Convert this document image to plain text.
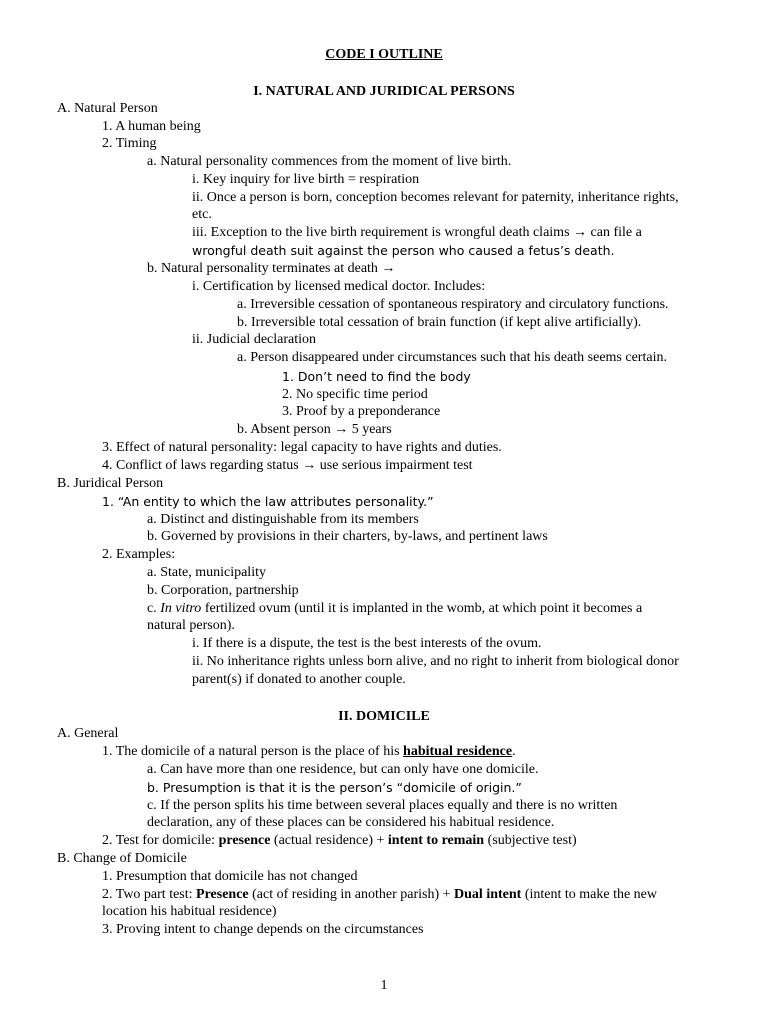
CODE I OUTLINE
I. NATURAL AND JURIDICAL PERSONS
A. Natural Person
1. A human being
2. Timing
a. Natural personality commences from the moment of live birth.
i. Key inquiry for live birth = respiration
ii. Once a person is born, conception becomes relevant for paternity, inheritance rights,
etc.
iii. Exception to the live birth requirement is wrongful death claims → can file a
wrongful death suit against the person who caused a fetus’s death.
b. Natural personality terminates at death →
i. Certification by licensed medical doctor. Includes:
a. Irreversible cessation of spontaneous respiratory and circulatory functions.
b. Irreversible total cessation of brain function (if kept alive artificially).
ii. Judicial declaration
a. Person disappeared under circumstances such that his death seems certain.
1. Don’t need to find the body
2. No specific time period
3. Proof by a preponderance
b. Absent person → 5 years
3. Effect of natural personality: legal capacity to have rights and duties.
4. Conflict of laws regarding status → use serious impairment test
B. Juridical Person
1. “An entity to which the law attributes personality.”
a. Distinct and distinguishable from its members
b. Governed by provisions in their charters, by-laws, and pertinent laws
2. Examples:
a. State, municipality
b. Corporation, partnership
c. In vitro fertilized ovum (until it is implanted in the womb, at which point it becomes a
natural person).
i. If there is a dispute, the test is the best interests of the ovum.
ii. No inheritance rights unless born alive, and no right to inherit from biological donor
parent(s) if donated to another couple.
II. DOMICILE
A. General
1. The domicile of a natural person is the place of his habitual residence.
a. Can have more than one residence, but can only have one domicile.
b. Presumption is that it is the person’s “domicile of origin.”
c. If the person splits his time between several places equally and there is no written
declaration, any of these places can be considered his habitual residence.
2. Test for domicile: presence (actual residence) + intent to remain (subjective test)
B. Change of Domicile
1. Presumption that domicile has not changed
2. Two part test: Presence (act of residing in another parish) + Dual intent (intent to make the new
location his habitual residence)
3. Proving intent to change depends on the circumstances
1
